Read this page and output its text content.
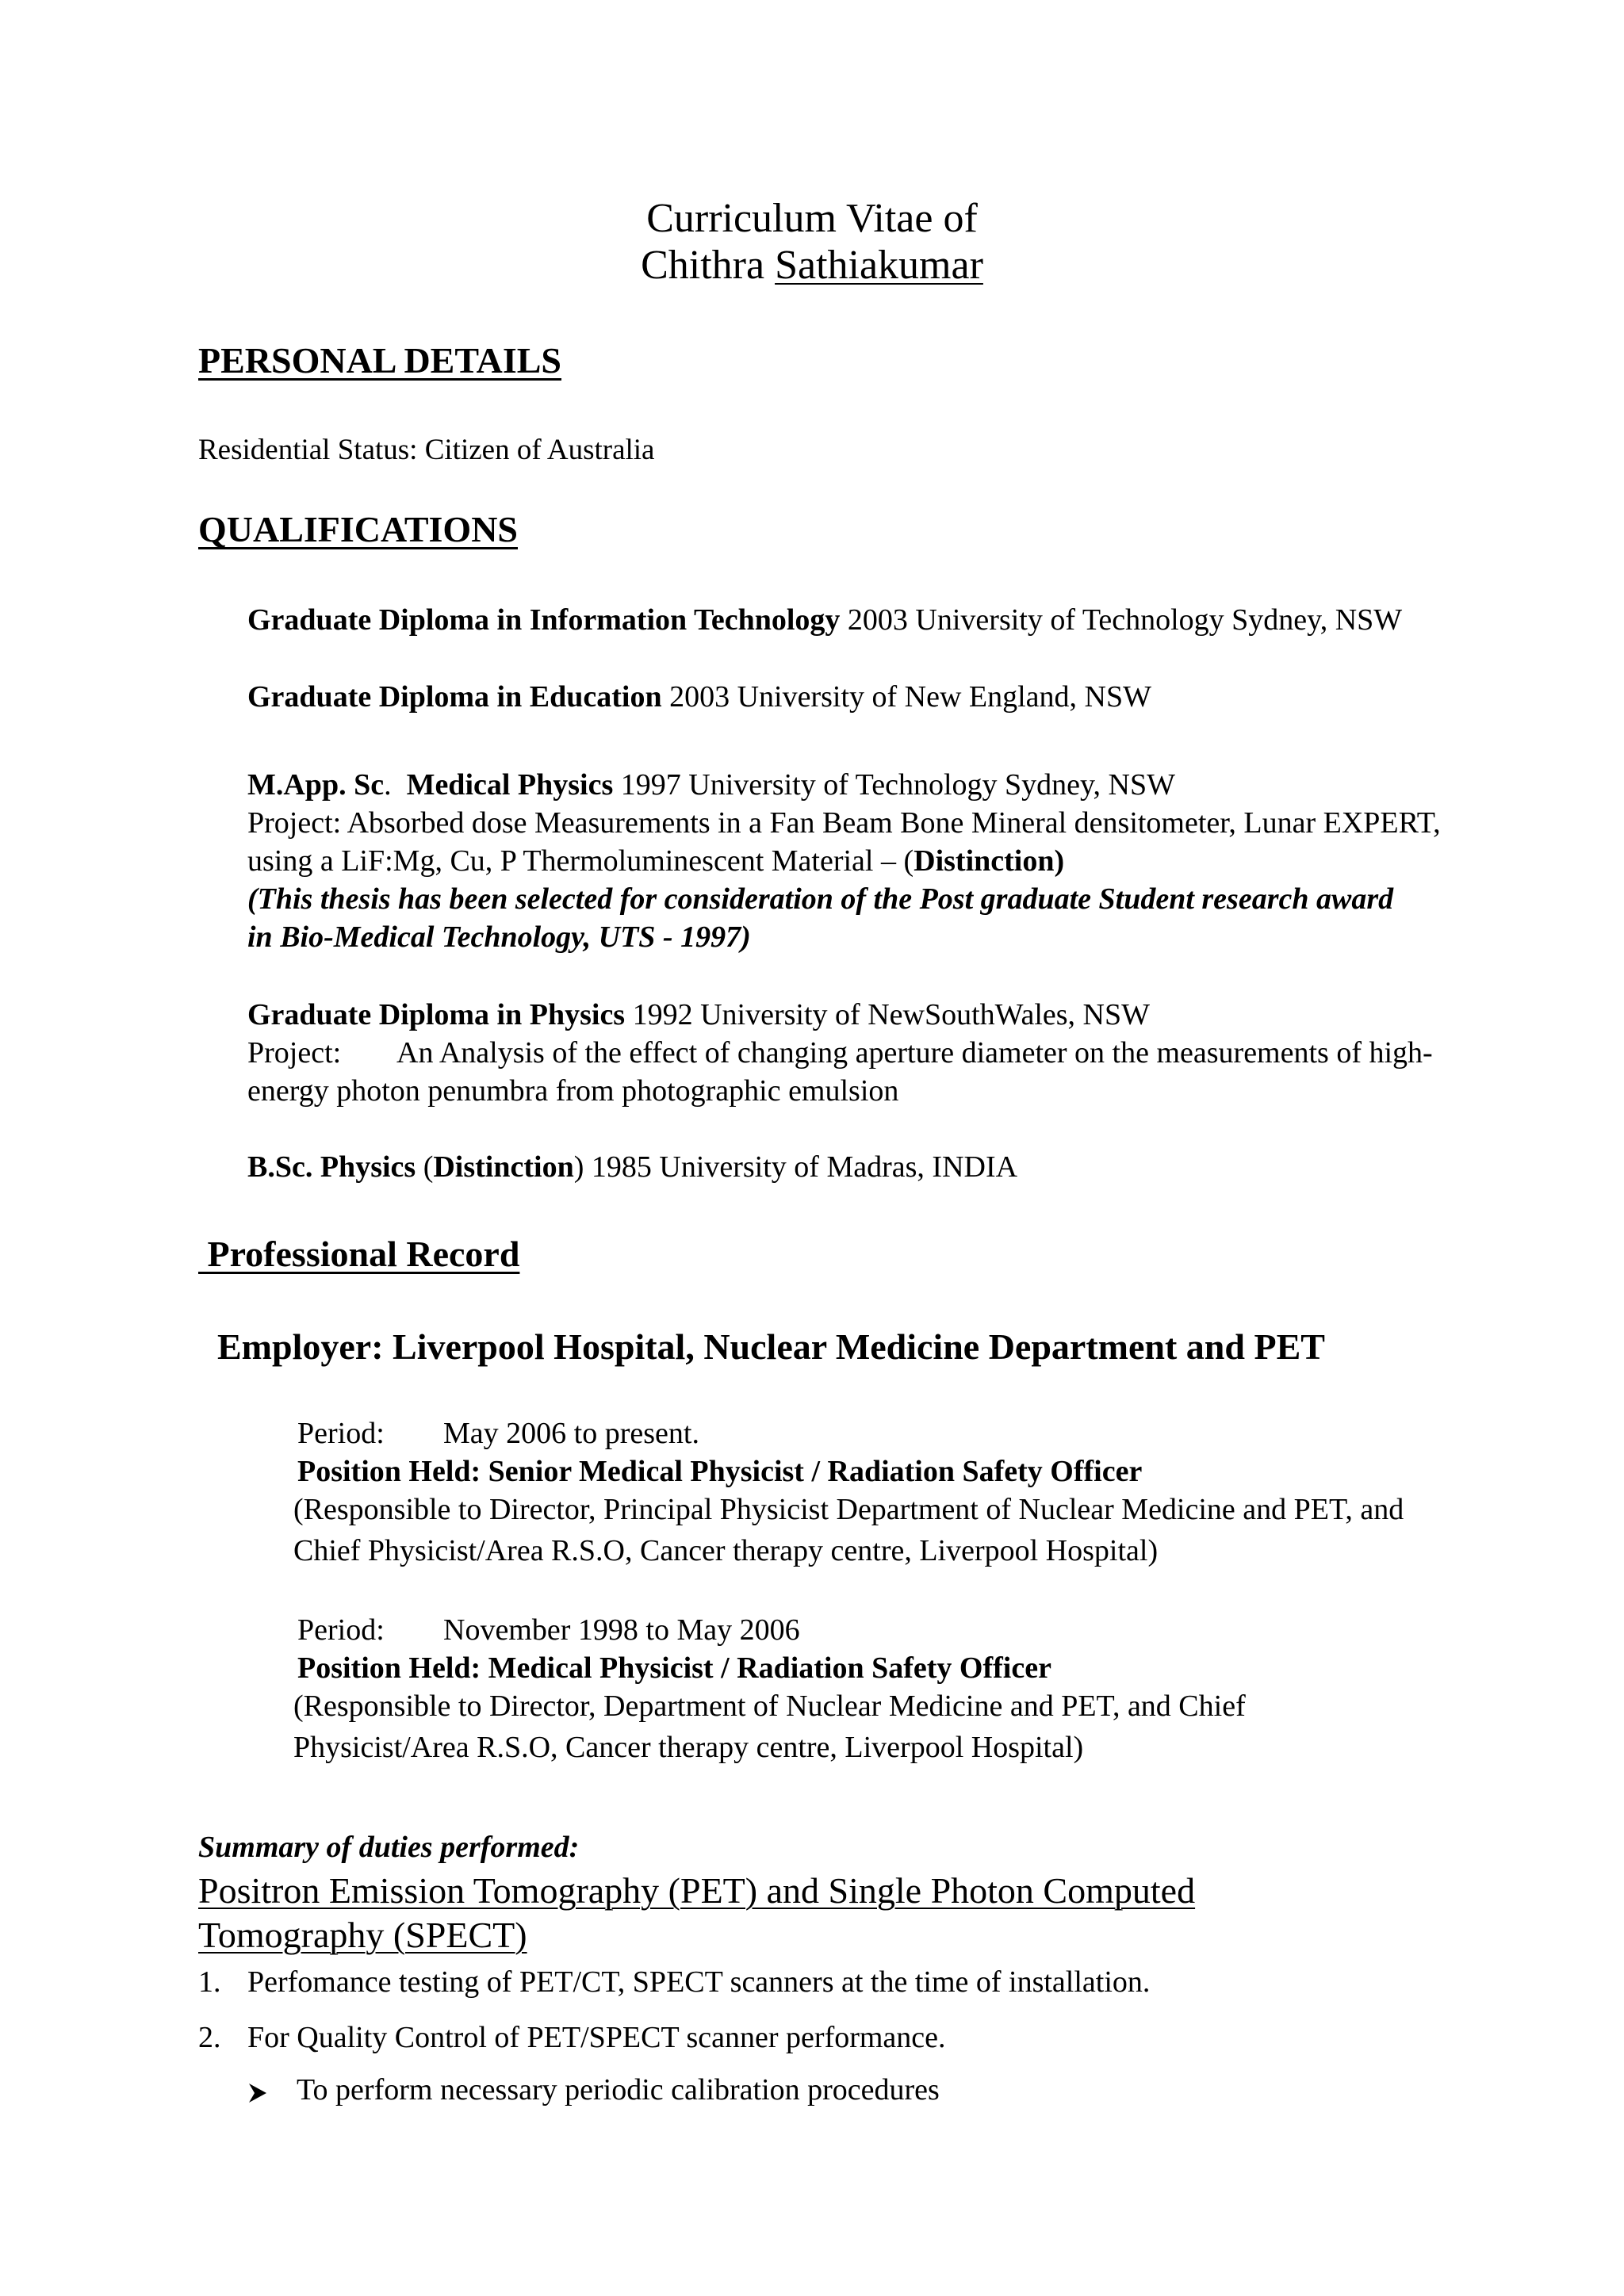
Curriculum Vitae of
Chithra Sathiakumar
PERSONAL DETAILS
Residential Status: Citizen of Australia
QUALIFICATIONS
Graduate Diploma in Information Technology 2003 University of Technology Sydney, NSW
Graduate Diploma in Education 2003 University of New England, NSW
M.App. Sc. Medical Physics 1997 University of Technology Sydney, NSW
Project: Absorbed dose Measurements in a Fan Beam Bone Mineral densitometer, Lunar EXPERT,
using a LiF:Mg, Cu, P Thermoluminescent Material – (Distinction)
(This thesis has been selected for consideration of the Post graduate Student research award
in Bio-Medical Technology, UTS - 1997)
Graduate Diploma in Physics 1992 University of NewSouthWales, NSW
Project: An Analysis of the effect of changing aperture diameter on the measurements of high-
energy photon penumbra from photographic emulsion
B.Sc. Physics (Distinction) 1985 University of Madras, INDIA
Professional Record
Employer: Liverpool Hospital, Nuclear Medicine Department and PET
Period: May 2006 to present.
Position Held: Senior Medical Physicist / Radiation Safety Officer
(Responsible to Director, Principal Physicist Department of Nuclear Medicine and PET, and
Chief Physicist/Area R.S.O, Cancer therapy centre, Liverpool Hospital)
Period: November 1998 to May 2006
Position Held: Medical Physicist / Radiation Safety Officer
(Responsible to Director, Department of Nuclear Medicine and PET, and Chief
Physicist/Area R.S.O, Cancer therapy centre, Liverpool Hospital)
Summary of duties performed:
Positron Emission Tomography (PET) and Single Photon Computed
Tomography (SPECT)
1. Perfomance testing of PET/CT, SPECT scanners at the time of installation.
2. For Quality Control of PET/SPECT scanner performance.
To perform necessary periodic calibration procedures
